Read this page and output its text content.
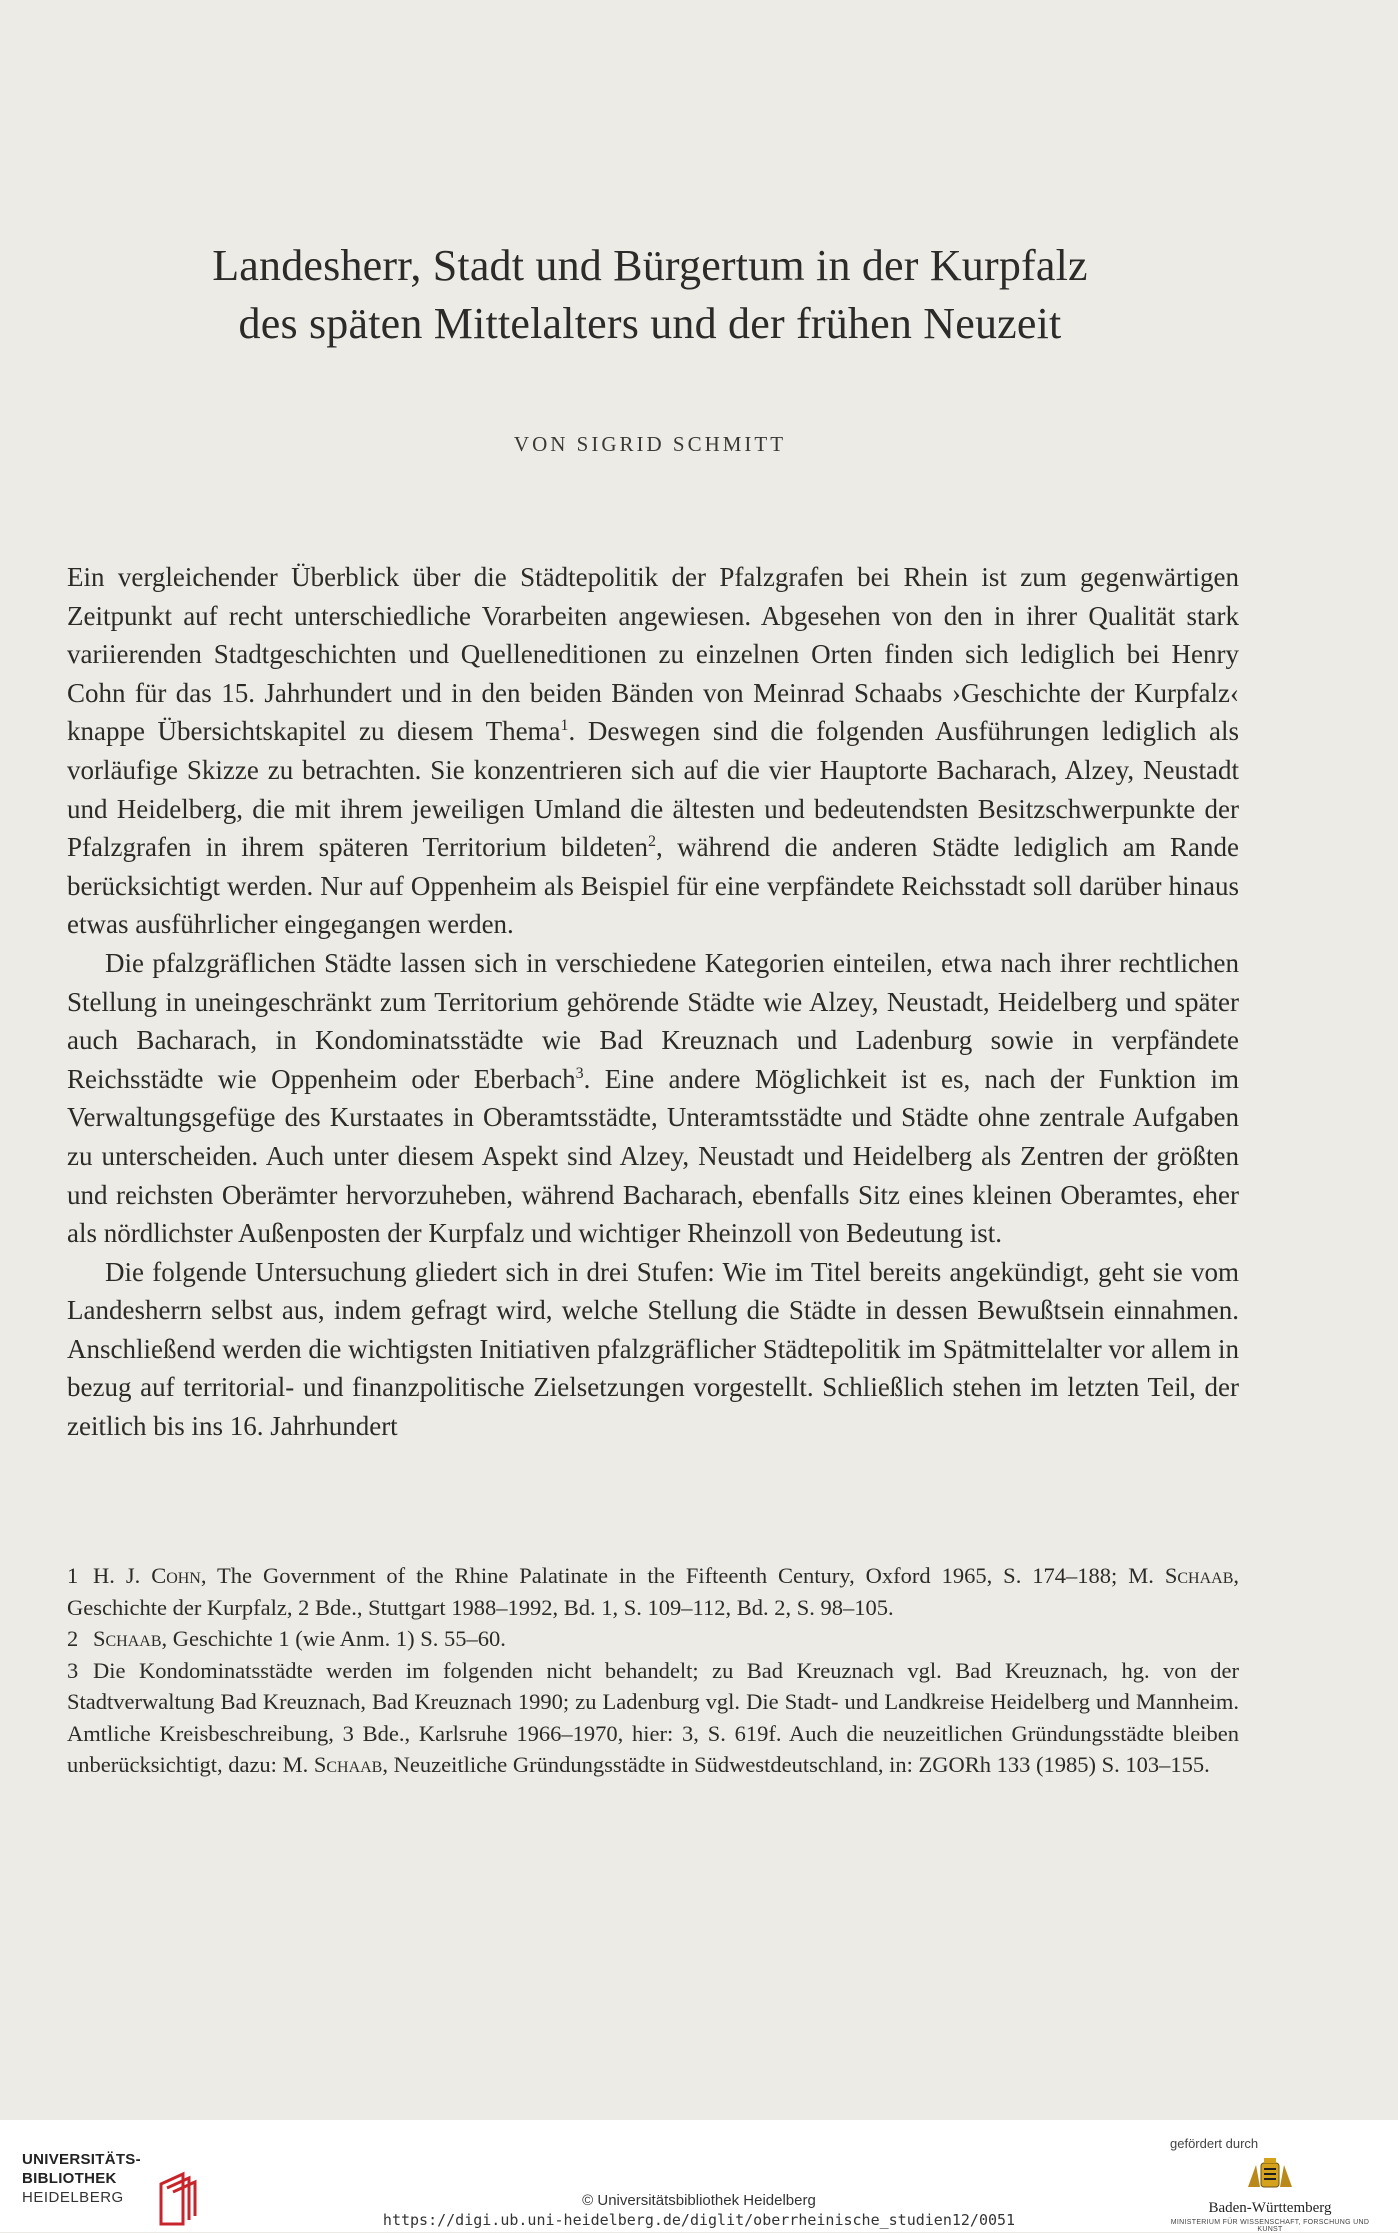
Landesherr, Stadt und Bürgertum in der Kurpfalz
des späten Mittelalters und der frühen Neuzeit
VON SIGRID SCHMITT

Ein vergleichender Überblick über die Städtepolitik der Pfalzgrafen bei Rhein ist zum gegenwärtigen Zeitpunkt auf recht unterschiedliche Vorarbeiten angewiesen. Abgesehen von den in ihrer Qualität stark variierenden Stadtgeschichten und Quelleneditionen zu einzelnen Orten finden sich lediglich bei Henry Cohn für das 15. Jahrhundert und in den beiden Bänden von Meinrad Schaabs ›Geschichte der Kurpfalz‹ knappe Übersichtskapitel zu diesem Thema$^1$. Deswegen sind die folgenden Ausführungen lediglich als vorläufige Skizze zu betrachten. Sie konzentrieren sich auf die vier Hauptorte Bacharach, Alzey, Neustadt und Heidelberg, die mit ihrem jeweiligen Umland die ältesten und bedeutendsten Besitzschwerpunkte der Pfalzgrafen in ihrem späteren Territorium bildeten$^2$, während die anderen Städte lediglich am Rande berücksichtigt werden. Nur auf Oppenheim als Beispiel für eine verpfändete Reichsstadt soll darüber hinaus etwas ausführlicher eingegangen werden.

Die pfalzgräflichen Städte lassen sich in verschiedene Kategorien einteilen, etwa nach ihrer rechtlichen Stellung in uneingeschränkt zum Territorium gehörende Städte wie Alzey, Neustadt, Heidelberg und später auch Bacharach, in Kondominatsstädte wie Bad Kreuznach und Ladenburg sowie in verpfändete Reichsstädte wie Oppenheim oder Eberbach$^3$. Eine andere Möglichkeit ist es, nach der Funktion im Verwaltungsgefüge des Kurstaates in Oberamtsstädte, Unteramtsstädte und Städte ohne zentrale Aufgaben zu unterscheiden. Auch unter diesem Aspekt sind Alzey, Neustadt und Heidelberg als Zentren der größten und reichsten Oberämter hervorzuheben, während Bacharach, ebenfalls Sitz eines kleinen Oberamtes, eher als nördlichster Außenposten der Kurpfalz und wichtiger Rheinzoll von Bedeutung ist.

Die folgende Untersuchung gliedert sich in drei Stufen: Wie im Titel bereits angekündigt, geht sie vom Landesherrn selbst aus, indem gefragt wird, welche Stellung die Städte in dessen Bewußtsein einnahmen. Anschließend werden die wichtigsten Initiativen pfalzgräflicher Städtepolitik im Spätmittelalter vor allem in bezug auf territorial- und finanzpolitische Zielsetzungen vorgestellt. Schließlich stehen im letzten Teil, der zeitlich bis ins 16. Jahrhundert

1 H. J. Cohn, The Government of the Rhine Palatinate in the Fifteenth Century, Oxford 1965, S. 174–188; M. Schaab, Geschichte der Kurpfalz, 2 Bde., Stuttgart 1988–1992, Bd. 1, S. 109–112, Bd. 2, S. 98–105.
2 Schaab, Geschichte 1 (wie Anm. 1) S. 55–60.
3 Die Kondominatsstädte werden im folgenden nicht behandelt; zu Bad Kreuznach vgl. Bad Kreuznach, hg. von der Stadtverwaltung Bad Kreuznach, Bad Kreuznach 1990; zu Ladenburg vgl. Die Stadt- und Landkreise Heidelberg und Mannheim. Amtliche Kreisbeschreibung, 3 Bde., Karlsruhe 1966–1970, hier: 3, S. 619f. Auch die neuzeitlichen Gründungsstädte bleiben unberücksichtigt, dazu: M. Schaab, Neuzeitliche Gründungsstädte in Südwestdeutschland, in: ZGORh 133 (1985) S. 103–155.
UNIVERSITÄTS-
BIBLIOTHEK
HEIDELBERG	© Universitätsbibliothek Heidelberg
https://digi.ub.uni-heidelberg.de/diglit/oberrheinische_studien12/0051
gefördert durch
Baden-Württemberg
MINISTERIUM FÜR WISSENSCHAFT, FORSCHUNG UND KUNST
